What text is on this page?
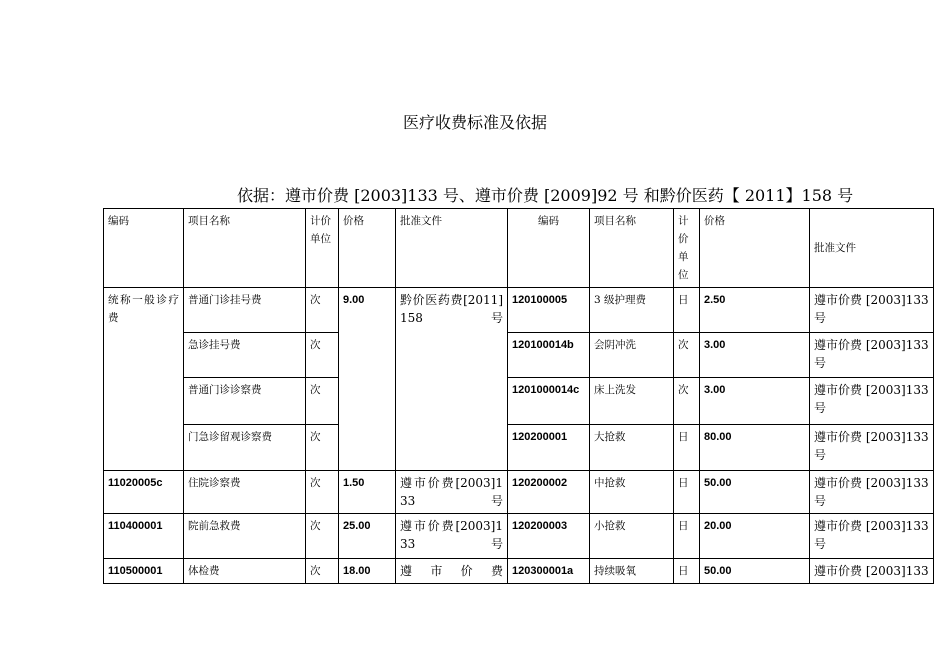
医疗收费标准及依据
依据：遵市价费 [2003]133 号、遵市价费 [2009]92 号 和黔价医药【 2011】158 号
编码	项目名称	计价单位	价格	批准文件	编码	项目名称	计价单位	价格	批准文件
统称一般诊疗费	普通门诊挂号费	次	9.00	黔价医药费[2011]158 号	120100005	3 级护理费	日	2.50	遵市价费 [2003]133号
	急诊挂号费	次			120100014b	会阴冲洗	次	3.00	遵市价费 [2003]133号
	普通门诊诊察费	次			1201000014c	床上洗发	次	3.00	遵市价费 [2003]133号
	门急诊留观诊察费	次			120200001	大抢救	日	80.00	遵市价费 [2003]133号
11020005c	住院诊察费	次	1.50	遵市价费[2003]133 号	120200002	中抢救	日	50.00	遵市价费 [2003]133号
110400001	院前急救费	次	25.00	遵市价费[2003]133 号	120200003	小抢救	日	20.00	遵市价费 [2003]133号
110500001	体检费	次	18.00	遵市价费	120300001a	持续吸氧	日	50.00	遵市价费 [2003]133
